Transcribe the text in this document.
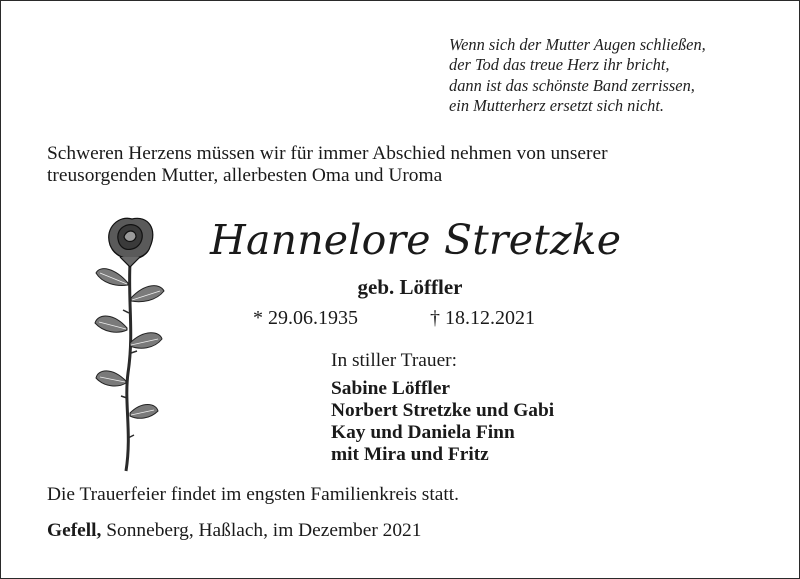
Wenn sich der Mutter Augen schließen,
der Tod das treue Herz ihr bricht,
dann ist das schönste Band zerrissen,
ein Mutterherz ersetzt sich nicht.
Schweren Herzens müssen wir für immer Abschied nehmen von unserer
treusorgenden Mutter, allerbesten Oma und Uroma
Hannelore Stretzke
geb. Löffler
* 29.06.1935	† 18.12.2021
In stiller Trauer:
Sabine Löffler
Norbert Stretzke und Gabi
Kay und Daniela Finn
mit Mira und Fritz
Die Trauerfeier findet im engsten Familienkreis statt.
Gefell, Sonneberg, Haßlach, im Dezember 2021
